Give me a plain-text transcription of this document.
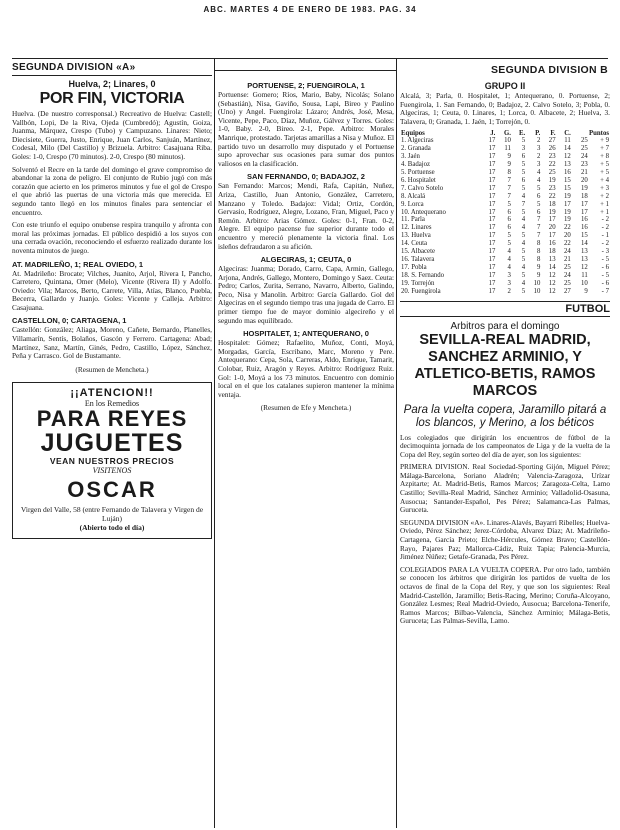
ABC. MARTES 4 DE ENERO DE 1983. PAG. 34
SEGUNDA DIVISION B
SEGUNDA DIVISION «A»
Huelva, 2; Linares, 0
POR FIN, VICTORIA

Huelva. (De nuestro corresponsal.) Recreativo de Huelva: Castell; Vallbón, Lopi, De la Riva, Ojeda (Cumbredó); Agustín, Goiza, Juanma, Márquez, Crespo (Tubo) y Campuzano. Linares: Nieto; Diecisiete, Guerra, Justo, Enrique, Juan Carlos, Sanjuán, Martínez, Codesal, Milo (Del Castillo) y Brizuela. Arbitro: Casajuana Riba. Goles: 1-0, Crespo (70 minutos). 2-0, Crespo (80 minutos).

Solventó el Recre en la tarde del domingo el grave compromiso de abandonar la zona de peligro. El conjunto de Rubio jugó con más corazón que acierto en los primeros minutos y fue el gol de Crespo el que abrió las puertas de una victoria más que merecida. El segundo tanto llegó en los minutos finales para sentenciar el encuentro.

Con este triunfo el equipo onubense respira tranquilo y afronta con moral las próximas jornadas. El público despidió a los suyos con una cerrada ovación, reconociendo el esfuerzo realizado durante los noventa minutos de juego.

AT. MADRILEÑO, 1; REAL OVIEDO, 1

At. Madrileño: Brocate; Vilches, Juanito, Arjol, Rivera I, Pancho, Carretero, Quintana, Omer (Melo), Vicente (Rivera II) y Adolfo. Oviedo: Vila; Marcos, Berto, Carrete, Villa, Atías, Blanco, Puebla, Becerra, Gallardo y Juanjo. Goles: Vicente y Calleja. Arbitro: Casajuana.

CASTELLON, 0; CARTAGENA, 1

Castellón: González; Aliaga, Moreno, Cañete, Bernardo, Planelles, Villamarín, Sentís, Bolaños, Gascón y Ferrero. Cartagena: Abad; Martínez, Sanz, Martín, Ginés, Pedro, Castillo, López, Sánchez, Peña y Carrasco. Gol de Bustamante.

(Resumen de Mencheta.)
¡¡ATENCION!!
En los Remedios
PARA REYES
JUGUETES
VEAN NUESTROS PRECIOS
VISITENOS
OSCAR
Virgen del Valle, 58 (entre Fernando de Talavera y Virgen de Luján)
(Abierto todo el día)
PORTUENSE, 2; FUENGIROLA, 1

Portuense: Gomero; Ríos, Mario, Baby, Nicolás; Solano (Sebastián), Nisa, Gaviño, Sousa, Lapi, Bireo y Paulino (Uno) y Angel. Fuengirola: Lázaro; Andrés, José, Mesa, Vicente, Pepe, Paco, Díaz, Muñoz, Gálvez y Torres. Goles: 1-0, Baby. 2-0, Bireo. 2-1, Pepe. Arbitro: Morales Manrique, protestado. Tarjetas amarillas a Nisa y Muñoz. El partido tuvo un desarrollo muy disputado y el Portuense supo aprovechar sus ocasiones para sumar dos puntos valiosos en la clasificación.

SAN FERNANDO, 0; BADAJOZ, 2

San Fernando: Marcos; Mendi, Rafa, Capitán, Nuñez, Ariza, Castillo, Juan Antonio, González, Carretero, Manzano y Toledo. Badajoz: Vidal; Ortiz, Cordón, Gervasio, Rodríguez, Alegre, Lozano, Fran, Miguel, Paco y Remón. Arbitro: Arias Gómez. Goles: 0-1, Fran. 0-2, Alegre. El equipo pacense fue superior durante todo el encuentro y mereció plenamente la victoria final. Los isleños defraudaron a su afición.

ALGECIRAS, 1; CEUTA, 0

Algeciras: Juanma; Dorado, Carro, Capa, Armin, Gallego, Arjona, Andrés, Gallego, Montero, Domingo y Saez. Ceuta: Pedro; Carlos, Zurita, Serrano, Navarro, Alberto, Galindo, Peco, Nisa y Manolín. Arbitro: García Gallardo. Gol del Algeciras en el segundo tiempo tras una jugada de Carro. El primer tiempo fue de mayor dominio algecireño y el segundo mas equilibrado.

HOSPITALET, 1; ANTEQUERANO, 0

Hospitalet: Gómez; Rafaelito, Muñoz, Conti, Moyá, Morgadas, García, Escribano, Marc, Moreno y Pere. Antequerano: Cepa, Sola, Carreras, Aldo, Enrique, Tamarit, Colobar, Ruiz, Aragón y Reyes. Arbitro: Rodríguez Ruiz. Gol: 1-0, Moyá a los 73 minutos. Encuentro con dominio local en el que los catalanes supieron mantener la mínima ventaja.

(Resumen de Efe y Mencheta.)
GRUPO II

Alcalá, 3; Parla, 0. Hospitalet, 1; Antequerano, 0. Portuense, 2; Fuengirola, 1. San Fernando, 0; Badajoz, 2. Calvo Sotelo, 3; Pobla, 0. Algeciras, 1; Ceuta, 0. Linares, 1; Lorca, 0. Albacete, 2; Huelva, 3. Talavera, 0; Granada, 1. Jaén, 1; Torrejón, 0.

Equipos	J.	G.	E.	P.	F.	C.	Puntos	
1. Algeciras	17	10	5	2	27	11	25	+ 9
2. Granada	17	11	3	3	26	14	25	+ 7
3. Jaén	17	9	6	2	23	12	24	+ 8
4. Badajoz	17	9	5	3	22	13	23	+ 5
5. Portuense	17	8	5	4	25	16	21	+ 5
6. Hospitalet	17	7	6	4	19	15	20	+ 4
7. Calvo Sotelo	17	7	5	5	23	15	19	+ 3
8. Alcalá	17	7	4	6	22	19	18	+ 2
9. Lorca	17	5	7	5	18	17	17	+ 1
10. Antequerano	17	6	5	6	19	19	17	+ 1
11. Parla	17	6	4	7	17	19	16	- 2
12. Linares	17	6	4	7	20	22	16	- 2
13. Huelva	17	5	5	7	17	20	15	- 1
14. Ceuta	17	5	4	8	16	22	14	- 2
15. Albacete	17	4	5	8	18	24	13	- 3
16. Talavera	17	4	5	8	13	21	13	- 5
17. Pobla	17	4	4	9	14	25	12	- 6
18. S. Fernando	17	3	5	9	12	24	11	- 5
19. Torrejón	17	3	4	10	12	25	10	- 6
20. Fuengirola	17	2	5	10	12	27	9	- 7
FUTBOL
Arbitros para el domingo
SEVILLA-REAL MADRID, SANCHEZ ARMINIO, Y ATLETICO-BETIS, RAMOS MARCOS
Para la vuelta copera, Jaramillo pitará a los blancos, y Merino, a los béticos

Los colegiados que dirigirán los encuentros de fútbol de la decimoquinta jornada de los campeonatos de Liga y de la vuelta de la Copa del Rey, según sorteo del día de ayer, son los siguientes:

PRIMERA DIVISION. Real Sociedad-Sporting Gijón, Miguel Pérez; Málaga-Barcelona, Soriano Aladrén; Valencia-Zaragoza, Urízar Azpitarte; At. Madrid-Betis, Ramos Marcos; Zaragoza-Celta, Lamo Castillo; Sevilla-Real Madrid, Sánchez Arminio; Valladolid-Osasuna, Ausocua; Santander-Español, Pes Pérez; Salamanca-Las Palmas, Guruceta.

SEGUNDA DIVISION «A». Linares-Alavés, Bayarri Ribelles; Huelva-Oviedo, Pérez Sánchez; Jerez-Córdoba, Alvarez Díaz; At. Madrileño-Cartagena, García Prieto; Elche-Hércules, Gómez Bravo; Castellón-Rayo, Pajares Paz; Mallorca-Cádiz, Ruiz Tapia; Palencia-Murcia, Jiménez Núñez; Getafe-Granada, Pes Pérez.

COLEGIADOS PARA LA VUELTA COPERA. Por otro lado, también se conocen los árbitros que dirigirán los partidos de vuelta de los octavos de final de la Copa del Rey, y que son los siguientes: Real Madrid-Castellón, Jaramillo; Betis-Racing, Merino; Coruña-Alcoyano, González Lesmes; Real Madrid-Oviedo, Ausocua; Barcelona-Tenerife, Ramos Marcos; Bilbao-Valencia, Sánchez Arminio; Málaga-Betis, Guruceta; Las Palmas-Sevilla, Lamo.
